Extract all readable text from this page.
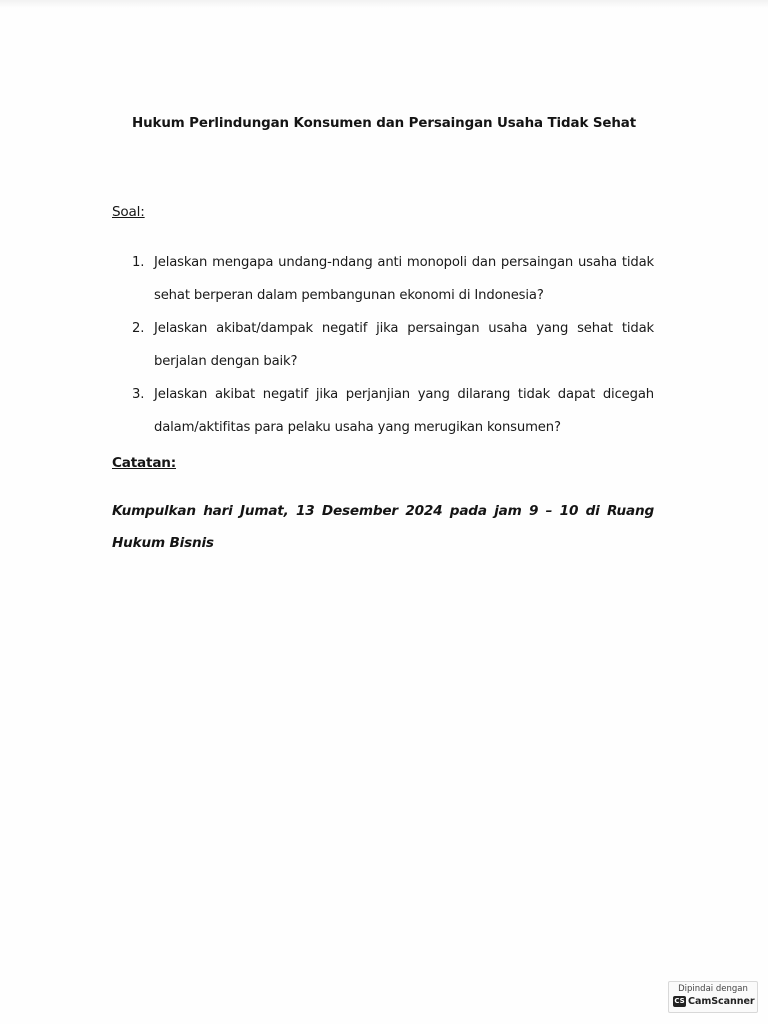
Hukum Perlindungan Konsumen dan Persaingan Usaha Tidak Sehat
Soal:
1. Jelaskan mengapa undang-ndang anti monopoli dan persaingan usaha tidak sehat berperan dalam pembangunan ekonomi di Indonesia?
2. Jelaskan akibat/dampak negatif jika persaingan usaha yang sehat tidak berjalan dengan baik?
3. Jelaskan akibat negatif jika perjanjian yang dilarang tidak dapat dicegah dalam/aktifitas para pelaku usaha yang merugikan konsumen?
Catatan:
Kumpulkan hari Jumat, 13 Desember 2024 pada jam 9 – 10 di Ruang Hukum Bisnis
Dipindai dengan
CS CamScanner
